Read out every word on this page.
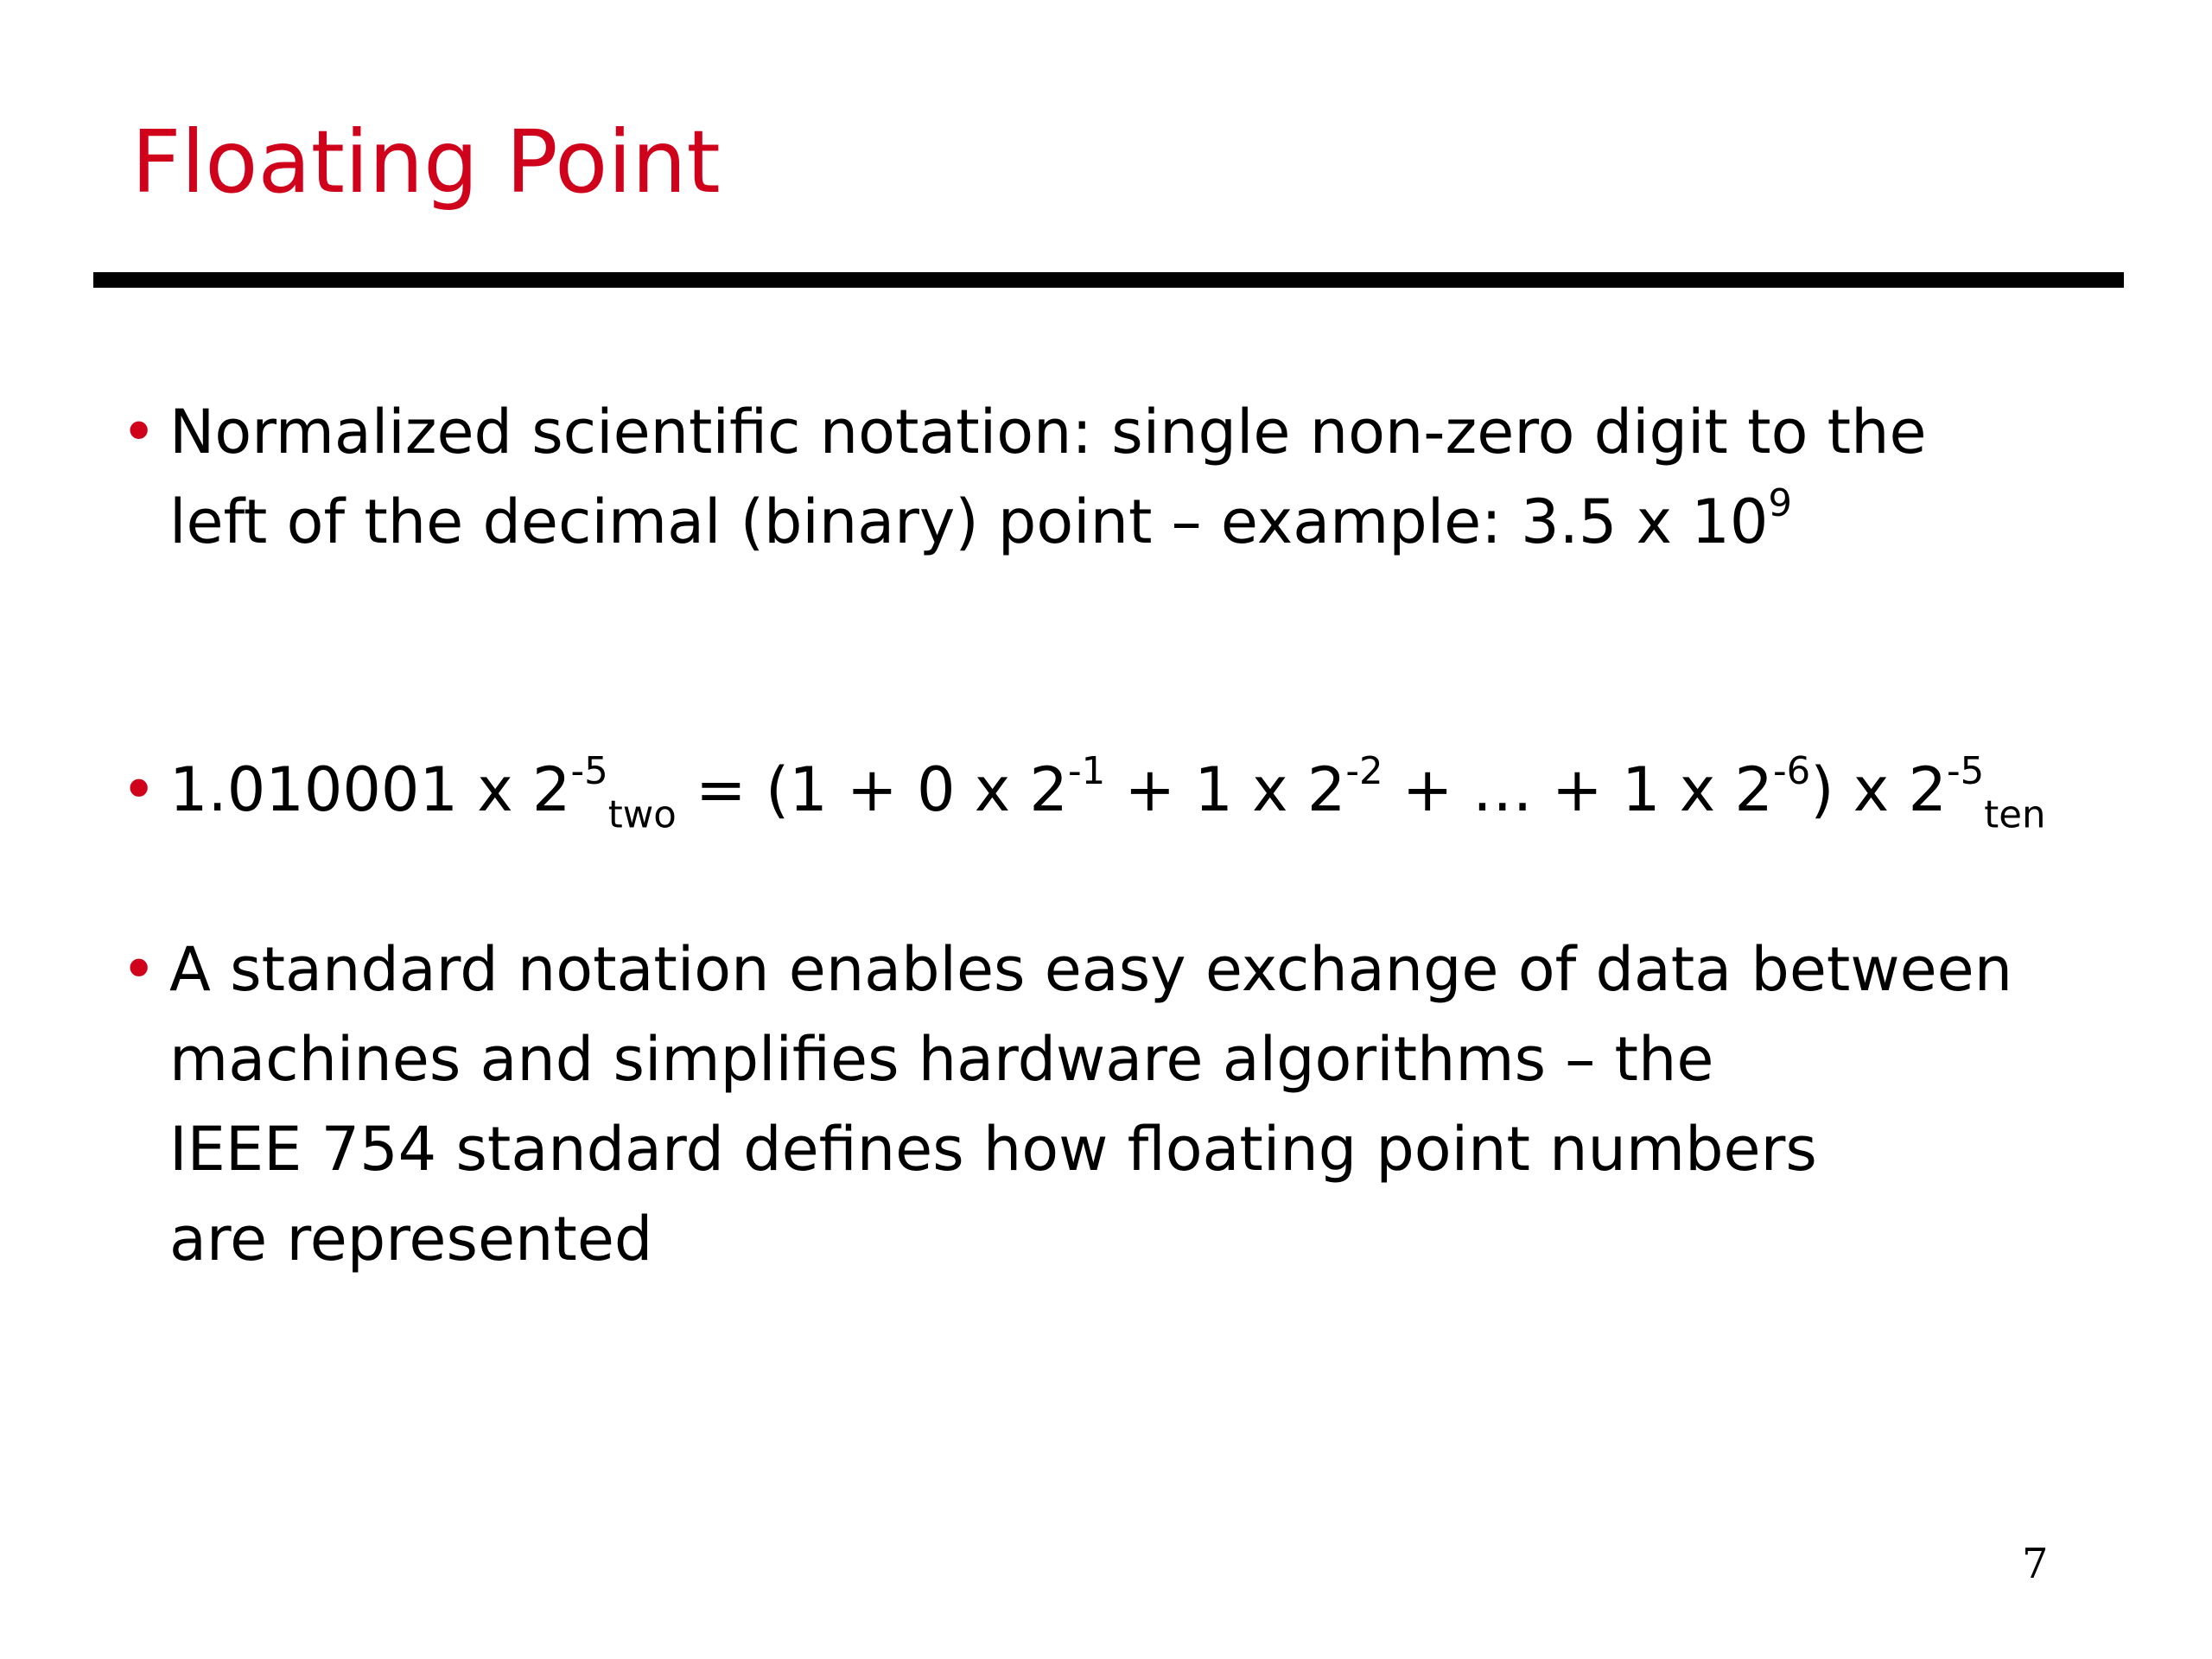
Floating Point
• Normalized scientific notation: single non-zero digit to the
left of the decimal (binary) point – example: 3.5 x $10^9$
• 1.010001 x $2^{-5}_{two} = (1 + 0$ x $2^{-1} + 1$ x $2^{-2}$ + … + 1 x $2^{-6}$) x $2^{-5}_{ten}$
• A standard notation enables easy exchange of data between
machines and simplifies hardware algorithms – the
IEEE 754 standard defines how floating point numbers
are represented
7
